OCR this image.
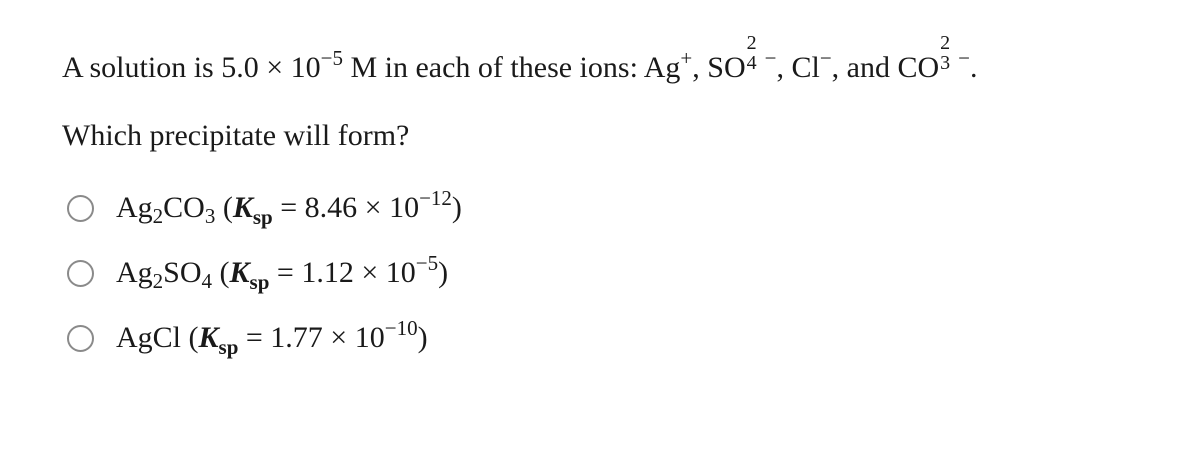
A solution is $5.0 \times 10^{-5}$ M in each of these ions: Ag+, SO
2
4 −, Cl−, and CO
2
3 −.
Which precipitate will form?
$Ag_2CO_3$ $(K_{sp} = 8.46 \times 10^{-12})$
$Ag_2SO_4$ $(K_{sp} = 1.12 \times 10^{-5})$
AgCl $(K_{sp} = 1.77 \times 10^{-10})$
